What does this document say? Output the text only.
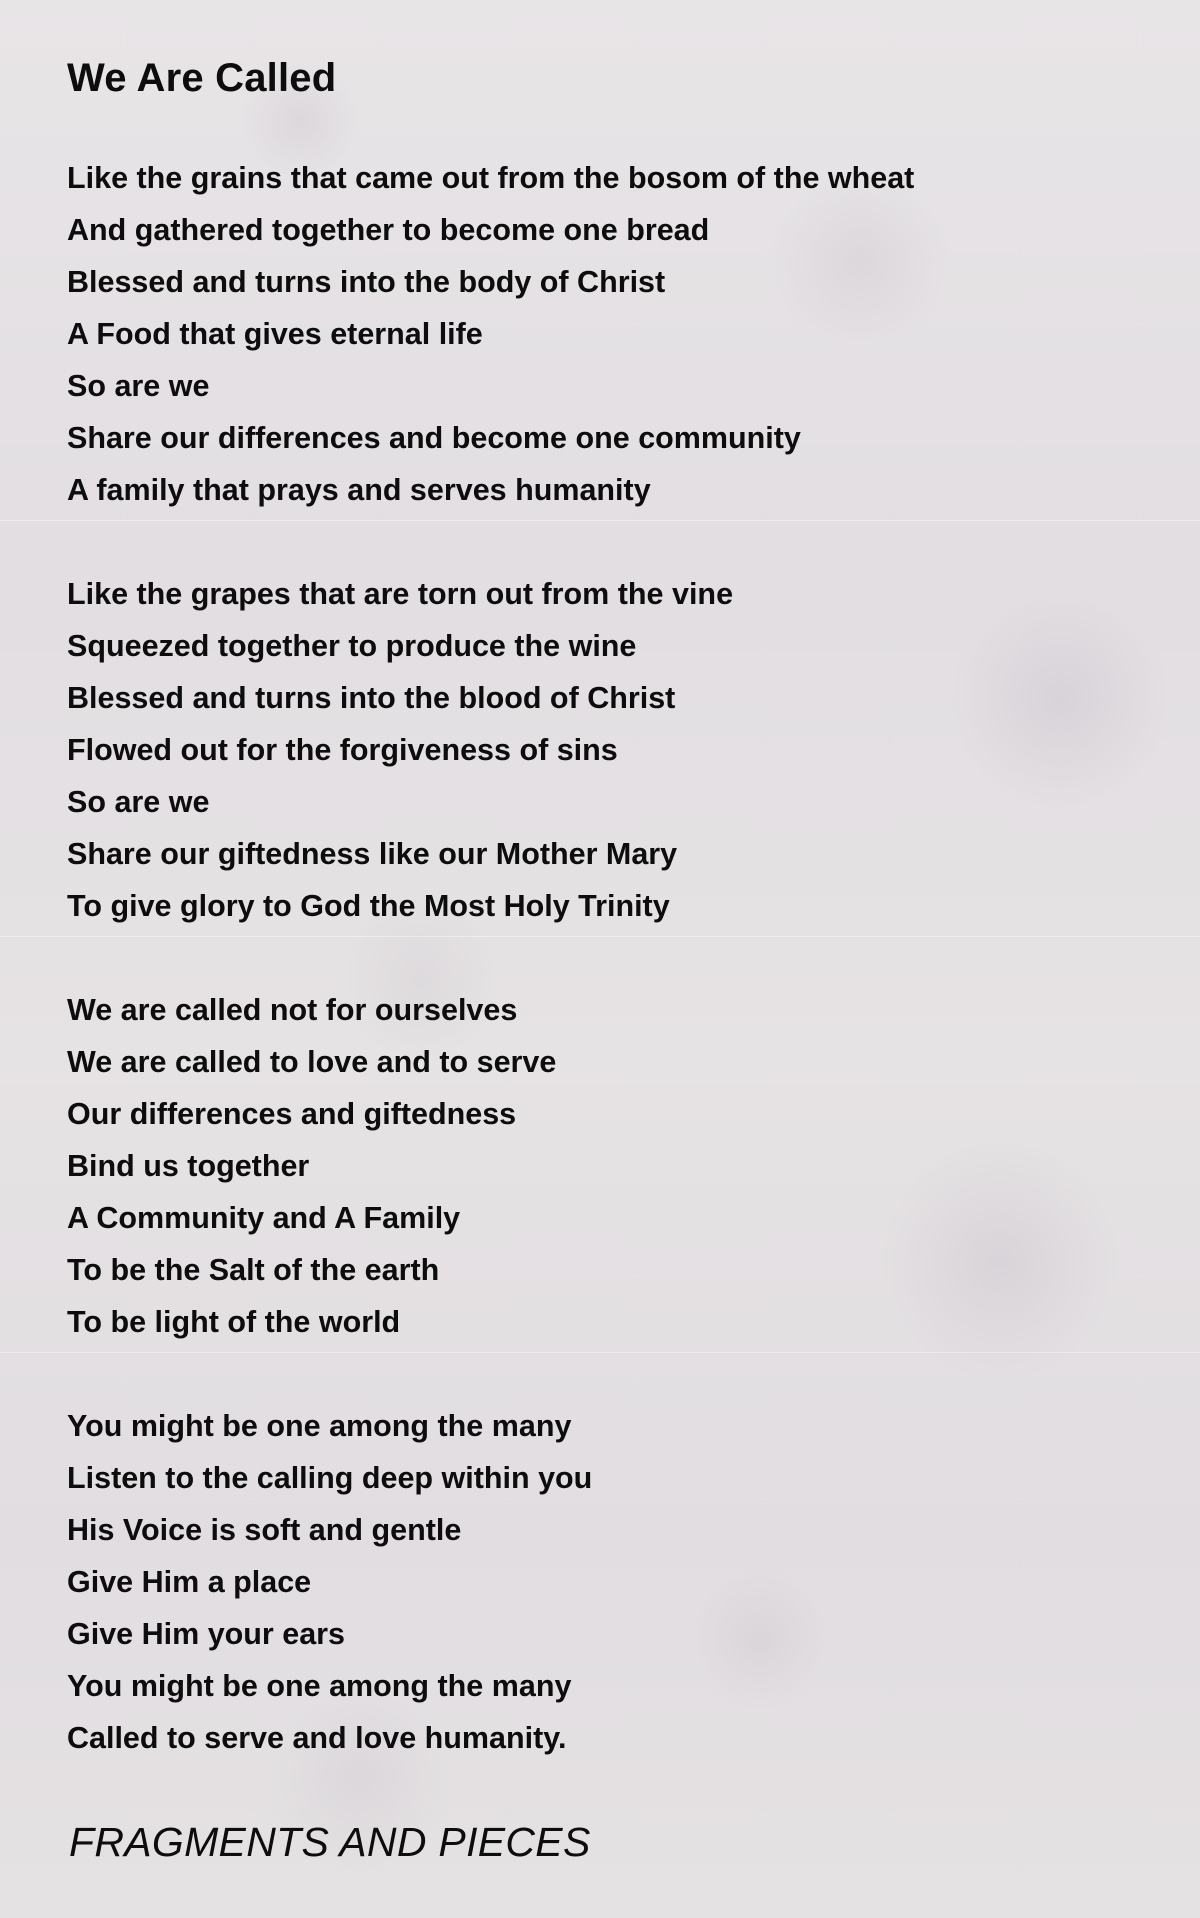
We Are Called
Like the grains that came out from the bosom of the wheat
And gathered together to become one bread
Blessed and turns into the body of Christ
A Food that gives eternal life
So are we
Share our differences and become one community
A family that prays and serves humanity
Like the grapes that are torn out from the vine
Squeezed together to produce the wine
Blessed and turns into the blood of Christ
Flowed out for the forgiveness of sins
So are we
Share our giftedness like our Mother Mary
To give glory to God the Most Holy Trinity
We are called not for ourselves
We are called to love and to serve
Our differences and giftedness
Bind us together
A Community and A Family
To be the Salt of the earth
To be light of the world
You might be one among the many
Listen to the calling deep within you
His Voice is soft and gentle
Give Him a place
Give Him your ears
You might be one among the many
Called to serve and love humanity.

FRAGMENTS AND PIECES
